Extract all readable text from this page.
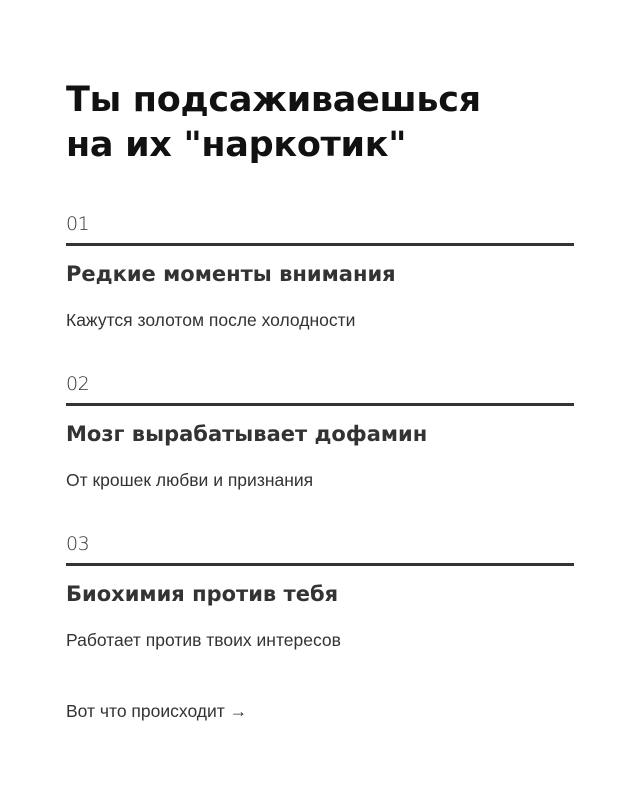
Ты подсаживаешься
на их "наркотик"
01
Редкие моменты внимания

Кажутся золотом после холодности

02
Мозг вырабатывает дофамин

От крошек любви и признания

03
Биохимия против тебя

Работает против твоих интересов

Вот что происходит →
